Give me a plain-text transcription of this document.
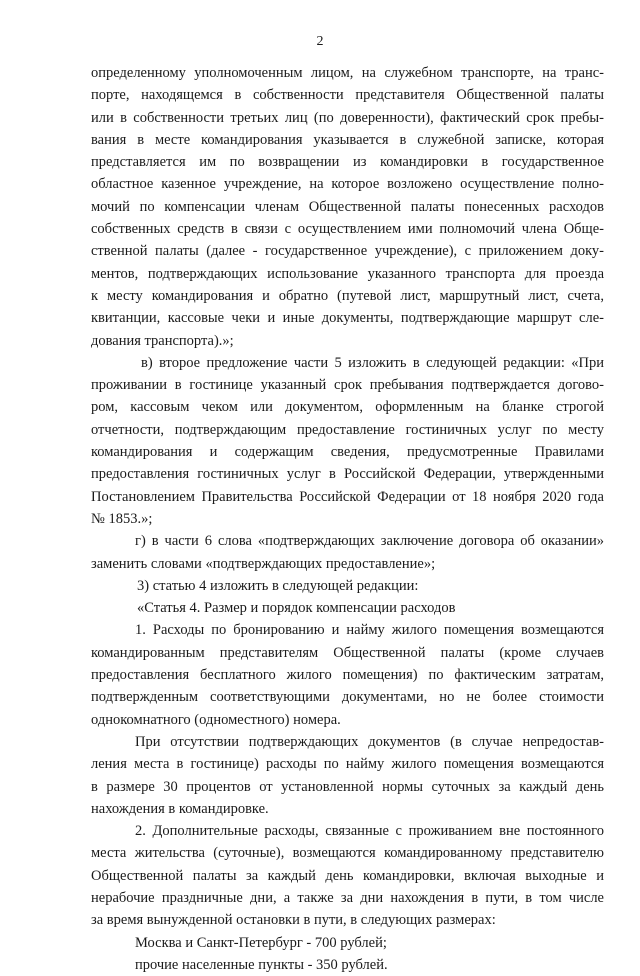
2
определенному уполномоченным лицом, на служебном транспорте, на транс-
порте, находящемся в собственности представителя Общественной палаты
или в собственности третьих лиц (по доверенности), фактический срок пребы-
вания в месте командирования указывается в служебной записке, которая
представляется им по возвращении из командировки в государственное
областное казенное учреждение, на которое возложено осуществление полно-
мочий по компенсации членам Общественной палаты понесенных расходов
собственных средств в связи с осуществлением ими полномочий члена Обще-
ственной палаты (далее - государственное учреждение), с приложением доку-
ментов, подтверждающих использование указанного транспорта для проезда
к месту командирования и обратно (путевой лист, маршрутный лист, счета,
квитанции, кассовые чеки и иные документы, подтверждающие маршрут сле-
дования транспорта).»;
в) второе предложение части 5 изложить в следующей редакции: «При
проживании в гостинице указанный срок пребывания подтверждается догово-
ром, кассовым чеком или документом, оформленным на бланке строгой
отчетности, подтверждающим предоставление гостиничных услуг по месту
командирования и содержащим сведения, предусмотренные Правилами
предоставления гостиничных услуг в Российской Федерации, утвержденными
Постановлением Правительства Российской Федерации от 18 ноября 2020 года
№ 1853.»;
г) в части 6 слова «подтверждающих заключение договора об оказании»
заменить словами «подтверждающих предоставление»;
3) статью 4 изложить в следующей редакции:
«Статья 4. Размер и порядок компенсации расходов
1. Расходы по бронированию и найму жилого помещения возмещаются
командированным представителям Общественной палаты (кроме случаев
предоставления бесплатного жилого помещения) по фактическим затратам,
подтвержденным соответствующими документами, но не более стоимости
однокомнатного (одноместного) номера.
При отсутствии подтверждающих документов (в случае непредостав-
ления места в гостинице) расходы по найму жилого помещения возмещаются
в размере 30 процентов от установленной нормы суточных за каждый день
нахождения в командировке.
2. Дополнительные расходы, связанные с проживанием вне постоянного
места жительства (суточные), возмещаются командированному представителю
Общественной палаты за каждый день командировки, включая выходные и
нерабочие праздничные дни, а также за дни нахождения в пути, в том числе
за время вынужденной остановки в пути, в следующих размерах:
Москва и Санкт-Петербург - 700 рублей;
прочие населенные пункты - 350 рублей.
